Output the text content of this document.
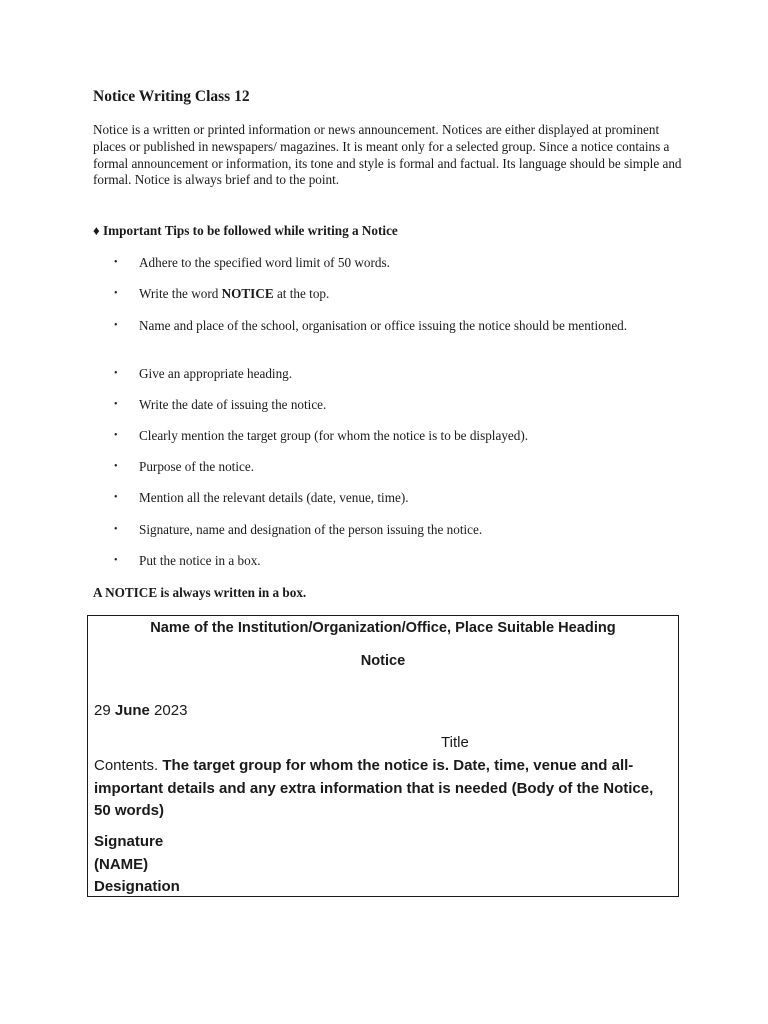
Notice Writing Class 12

Notice is a written or printed information or news announcement. Notices are either displayed at prominent places or published in newspapers/ magazines. It is meant only for a selected group. Since a notice contains a formal announcement or information, its tone and style is formal and factual. Its language should be simple and formal. Notice is always brief and to the point.

♦ Important Tips to be followed while writing a Notice

• Adhere to the specified word limit of 50 words.
• Write the word NOTICE at the top.
• Name and place of the school, organisation or office issuing the notice should be mentioned.
• Give an appropriate heading.
• Write the date of issuing the notice.
• Clearly mention the target group (for whom the notice is to be displayed).
• Purpose of the notice.
• Mention all the relevant details (date, venue, time).
• Signature, name and designation of the person issuing the notice.
• Put the notice in a box.

A NOTICE is always written in a box.

Name of the Institution/Organization/Office, Place Suitable Heading
Notice
29 June 2023
Title
Contents. The target group for whom the notice is. Date, time, venue and all-important details and any extra information that is needed (Body of the Notice, 50 words)
Signature
(NAME)
Designation
